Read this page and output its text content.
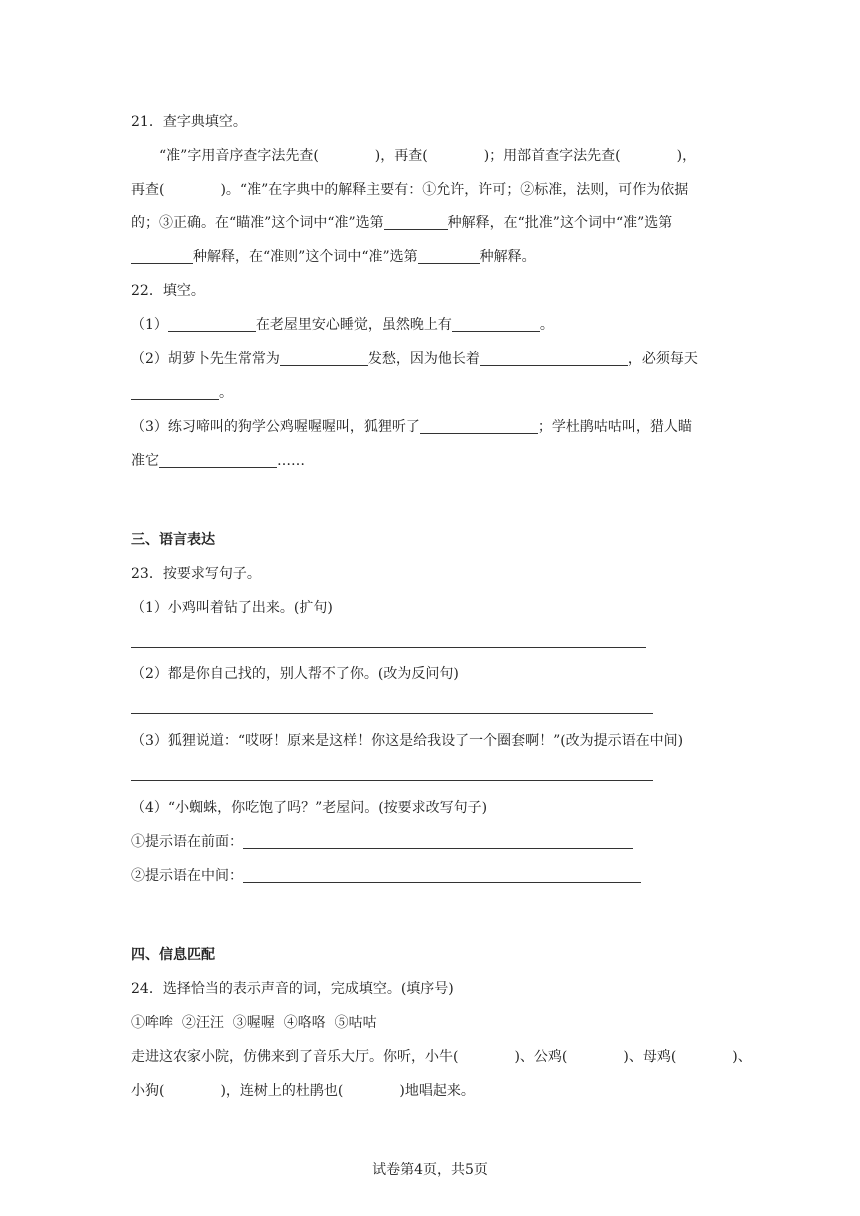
21．查字典填空。
“准”字用音序查字法先查(　　　　)，再查(　　　　)；用部首查字法先查(　　　　)，
再查(　　　　)。“准”在字典中的解释主要有：①允许，许可；②标准，法则，可作为依据
的；③正确。在“瞄准”这个词中“准”选第	种解释，在“批准”这个词中“准”选第
种解释，在“准则”这个词中“准”选第	种解释。
22．填空。
（1）	在老屋里安心睡觉，虽然晚上有	。
（2）胡萝卜先生常常为	发愁，因为他长着	，必须每天
。
（3）练习啼叫的狗学公鸡喔喔喔叫，狐狸听了	；学杜鹃咕咕叫，猎人瞄
准它	……
三、语言表达
23．按要求写句子。
（1）小鸡叫着钻了出来。(扩句)
（2）都是你自己找的，别人帮不了你。(改为反问句)
（3）狐狸说道：“哎呀！原来是这样！你这是给我设了一个圈套啊！”(改为提示语在中间)
（4）“小蜘蛛，你吃饱了吗？”老屋问。(按要求改写句子)
①提示语在前面：
②提示语在中间：
四、信息匹配
24．选择恰当的表示声音的词，完成填空。(填序号)
①哞哞  ②汪汪  ③喔喔  ④咯咯  ⑤咕咕
走进这农家小院，仿佛来到了音乐大厅。你听，小牛(　　　　)、公鸡(　　　　)、母鸡(　　　　)、
小狗(　　　　)，连树上的杜鹃也(　　　　)地唱起来。
试卷第4页，共5页
